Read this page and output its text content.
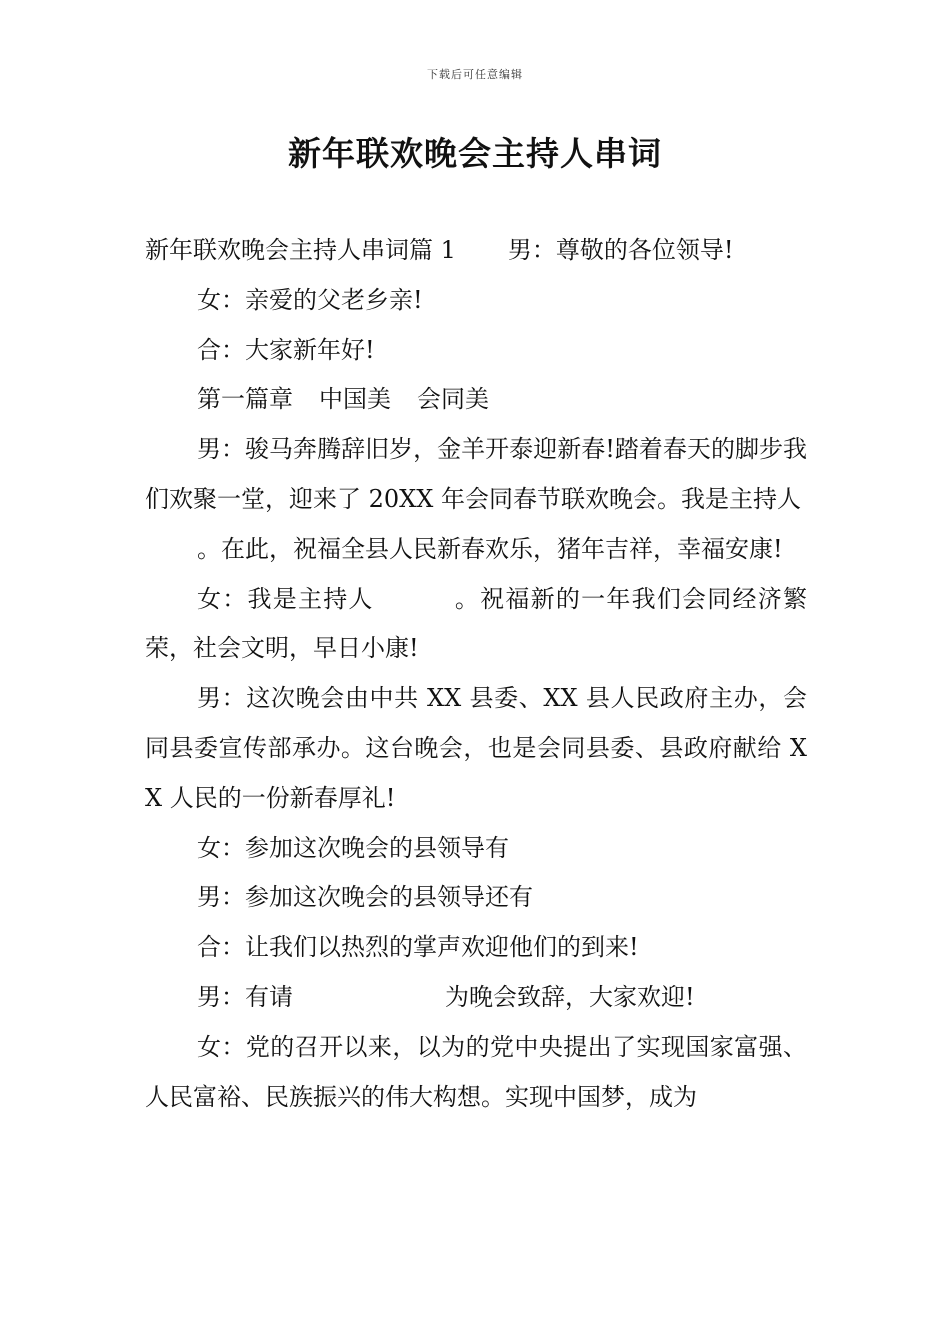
下载后可任意编辑
新年联欢晚会主持人串词

新年联欢晚会主持人串词篇 1 男：尊敬的各位领导!

女：亲爱的父老乡亲!

合：大家新年好!

第一篇章 中国美 会同美

男：骏马奔腾辞旧岁，金羊开泰迎新春!踏着春天的脚步我们欢聚一堂，迎来了 20XX 年会同春节联欢晚会。我是主持人

。在此，祝福全县人民新春欢乐，猪年吉祥，幸福安康!

女：我是主持人	。祝福新的一年我们会同经济繁荣，社会文明，早日小康!

男：这次晚会由中共 XX 县委、XX 县人民政府主办，会同县委宣传部承办。这台晚会，也是会同县委、县政府献给 XX 人民的一份新春厚礼!

女：参加这次晚会的县领导有

男：参加这次晚会的县领导还有

合：让我们以热烈的掌声欢迎他们的到来!

男：有请	为晚会致辞，大家欢迎!

女：党的召开以来，以为的党中央提出了实现国家富强、人民富裕、民族振兴的伟大构想。实现中国梦，成为
